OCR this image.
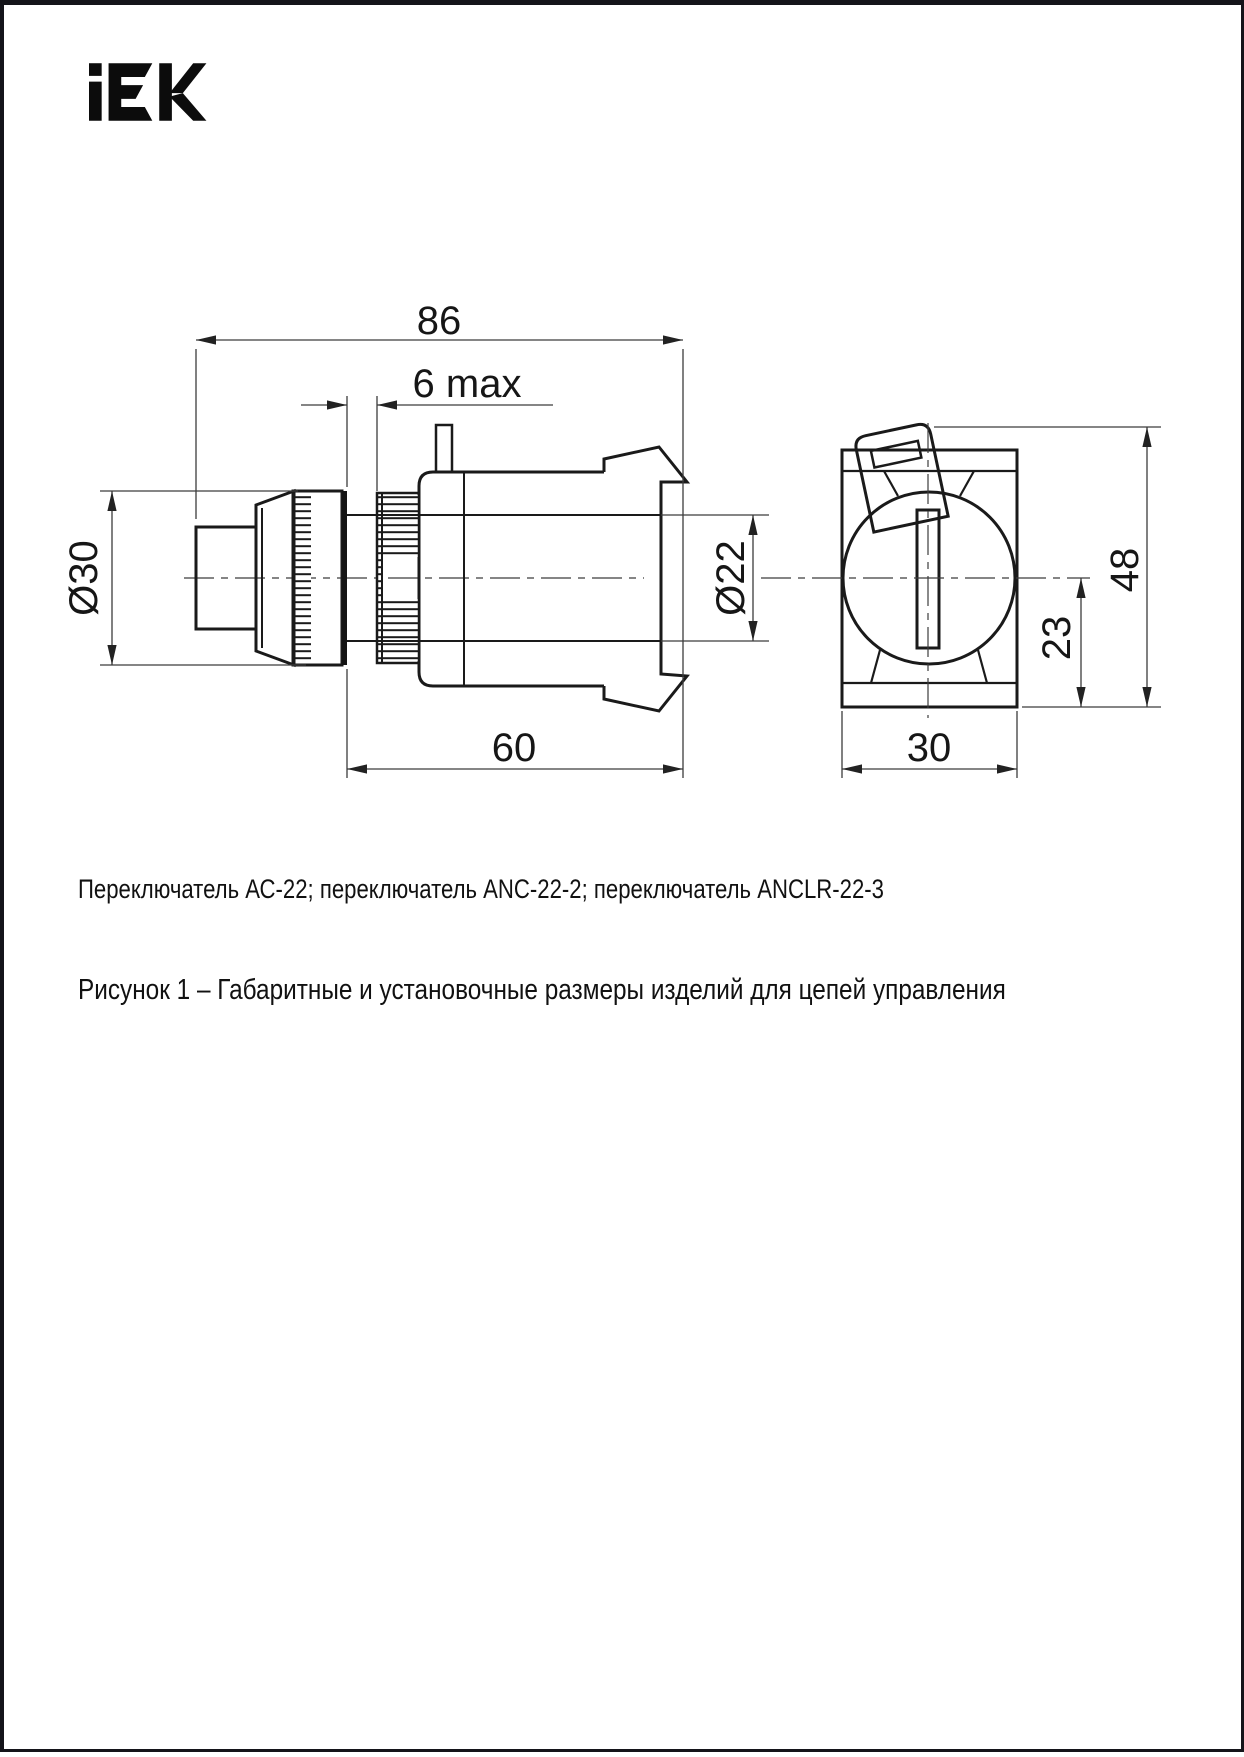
86
6 max
Ø30	Ø22
60
48
23
30
Переключатель АС-22; переключатель ANC-22-2; переключатель ANCLR-22-3
Рисунок 1 – Габаритные и установочные размеры изделий для цепей управления
